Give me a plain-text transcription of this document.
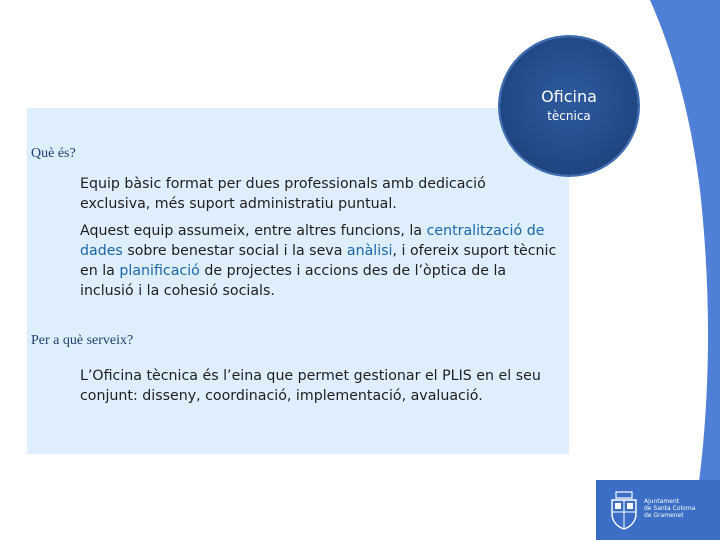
Què és?

Equip bàsic format per dues professionals amb dedicació exclusiva, més suport administratiu puntual.

Aquest equip assumeix, entre altres funcions, la centralització de dades sobre benestar social i la seva anàlisi, i ofereix suport tècnic en la planificació de projectes i accions des de l’òptica de la inclusió i la cohesió socials.

Per a què serveix?

L’Oficina tècnica és l’eina que permet gestionar el PLIS en el seu conjunt: disseny, coordinació, implementació, avaluació.

Oficina
tècnica
Ajuntament
de Santa Coloma
de Gramenet
